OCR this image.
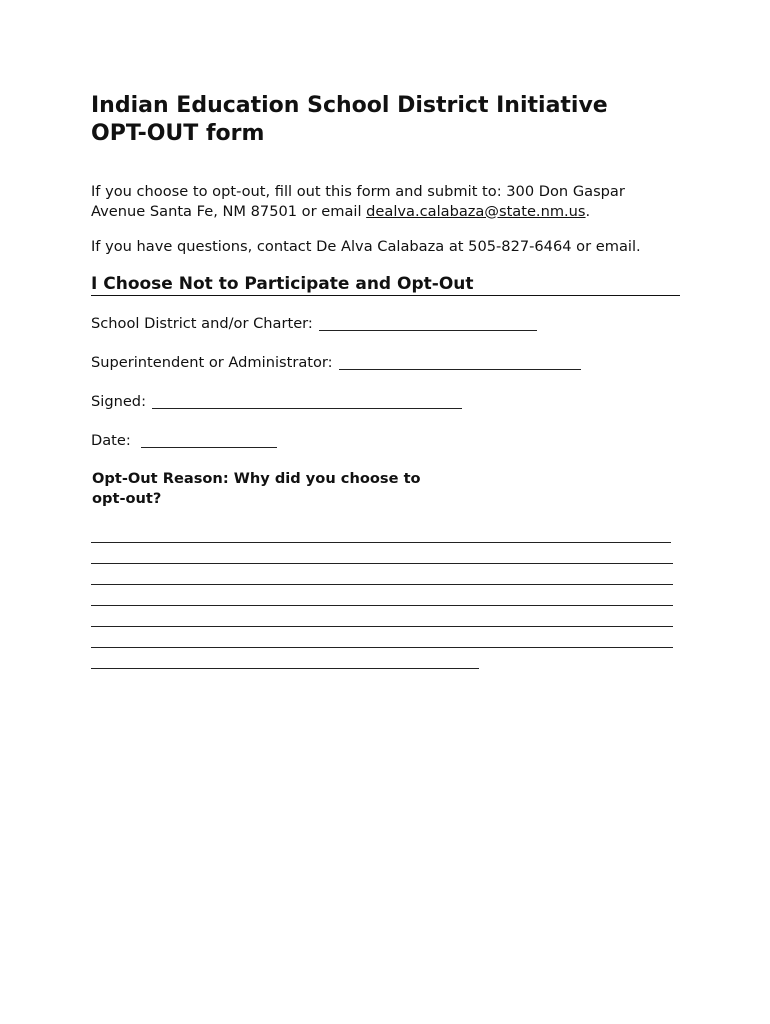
Indian Education School District Initiative OPT-OUT form

If you choose to opt-out, fill out this form and submit to: 300 Don Gaspar Avenue Santa Fe, NM 87501 or email dealva.calabaza@state.nm.us.

If you have questions, contact De Alva Calabaza at 505-827-6464 or email.

I Choose Not to Participate and Opt-Out
School District and/or Charter:
Superintendent or Administrator:
Signed:
Date:

Opt-Out Reason: Why did you choose to opt-out?
